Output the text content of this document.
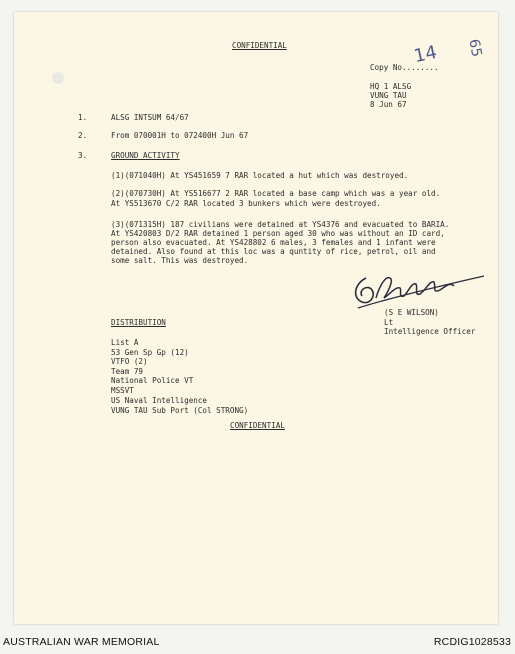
CONFIDENTIAL
Copy No........
14 65
HQ 1 ALSG
VUNG TAU
8 Jun 67
1.	ALSG INTSUM 64/67
2.	From 070001H to 072400H Jun 67
3.	GROUND ACTIVITY
(1)(071040H) At YS451659 7 RAR located a hut which was destroyed.
(2)(070730H) At YS516677 2 RAR located a base camp which was a year old.
At YS513670 C/2 RAR located 3 bunkers which were destroyed.
(3)(071315H) 187 civilians were detained at YS4376 and evacuated to BARIA.
At YS420803 D/2 RAR detained 1 person aged 30 who was without an ID card,
person also evacuated. At YS428802 6 males, 3 females and 1 infant were
detained. Also found at this loc was a quntity of rice, petrol, oil and
some salt. This was destroyed.
(S E WILSON)
Lt
Intelligence Officer
DISTRIBUTION
List A
53 Gen Sp Gp (12)
VTFO (2)
Team 79
National Police VT
MSSVT
US Naval Intelligence
VUNG TAU Sub Port (Col STRONG)
CONFIDENTIAL
AUSTRALIAN WAR MEMORIAL	RCDIG1028533
